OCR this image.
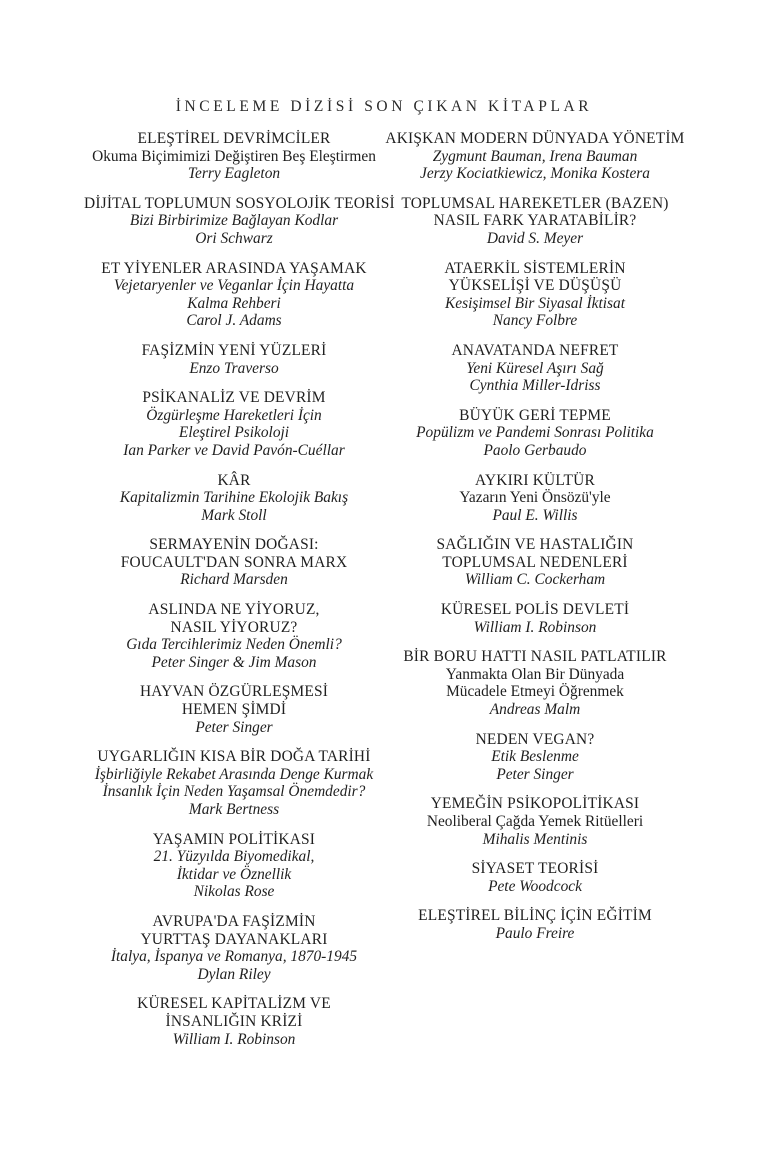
İNCELEME DİZİSİ SON ÇIKAN KİTAPLAR
ELEŞTİREL DEVRİMCİLER
Okuma Biçimimizi Değiştiren Beş Eleştirmen
Terry Eagleton
DİJİTAL TOPLUMUN SOSYOLOJİK TEORİSİ
Bizi Birbirimize Bağlayan Kodlar
Ori Schwarz
ET YİYENLER ARASINDA YAŞAMAK
Vejetaryenler ve Veganlar İçin Hayatta
Kalma Rehberi
Carol J. Adams
FAŞİZMİN YENİ YÜZLERİ
Enzo Traverso
PSİKANALİZ VE DEVRİM
Özgürleşme Hareketleri İçin
Eleştirel Psikoloji
Ian Parker ve David Pavón-Cuéllar
KÂR
Kapitalizmin Tarihine Ekolojik Bakış
Mark Stoll
SERMAYENİN DOĞASI:
FOUCAULT'DAN SONRA MARX
Richard Marsden
ASLINDA NE YİYORUZ,
NASIL YİYORUZ?
Gıda Tercihlerimiz Neden Önemli?
Peter Singer & Jim Mason
HAYVAN ÖZGÜRLEŞMESİ
HEMEN ŞİMDİ
Peter Singer
UYGARLIĞIN KISA BİR DOĞA TARİHİ
İşbirliğiyle Rekabet Arasında Denge Kurmak
İnsanlık İçin Neden Yaşamsal Önemdedir?
Mark Bertness
YAŞAMIN POLİTİKASI
21. Yüzyılda Biyomedikal,
İktidar ve Öznellik
Nikolas Rose
AVRUPA'DA FAŞİZMİN
YURTTAŞ DAYANAKLARI
İtalya, İspanya ve Romanya, 1870-1945
Dylan Riley
KÜRESEL KAPİTALİZM VE
İNSANLIĞIN KRİZİ
William I. Robinson
AKIŞKAN MODERN DÜNYADA YÖNETİM
Zygmunt Bauman, Irena Bauman
Jerzy Kociatkiewicz, Monika Kostera
TOPLUMSAL HAREKETLER (BAZEN)
NASIL FARK YARATABİLİR?
David S. Meyer
ATAERKİL SİSTEMLERİN
YÜKSELİŞİ VE DÜŞÜŞÜ
Kesişimsel Bir Siyasal İktisat
Nancy Folbre
ANAVATANDA NEFRET
Yeni Küresel Aşırı Sağ
Cynthia Miller-Idriss
BÜYÜK GERİ TEPME
Popülizm ve Pandemi Sonrası Politika
Paolo Gerbaudo
AYKIRI KÜLTÜR
Yazarın Yeni Önsözü'yle
Paul E. Willis
SAĞLIĞIN VE HASTALIĞIN
TOPLUMSAL NEDENLERİ
William C. Cockerham
KÜRESEL POLİS DEVLETİ
William I. Robinson
BİR BORU HATTI NASIL PATLATILIR
Yanmakta Olan Bir Dünyada
Mücadele Etmeyi Öğrenmek
Andreas Malm
NEDEN VEGAN?
Etik Beslenme
Peter Singer
YEMEĞİN PSİKOPOLİTİKASI
Neoliberal Çağda Yemek Ritüelleri
Mihalis Mentinis
SİYASET TEORİSİ
Pete Woodcock
ELEŞTİREL BİLİNÇ İÇİN EĞİTİM
Paulo Freire
